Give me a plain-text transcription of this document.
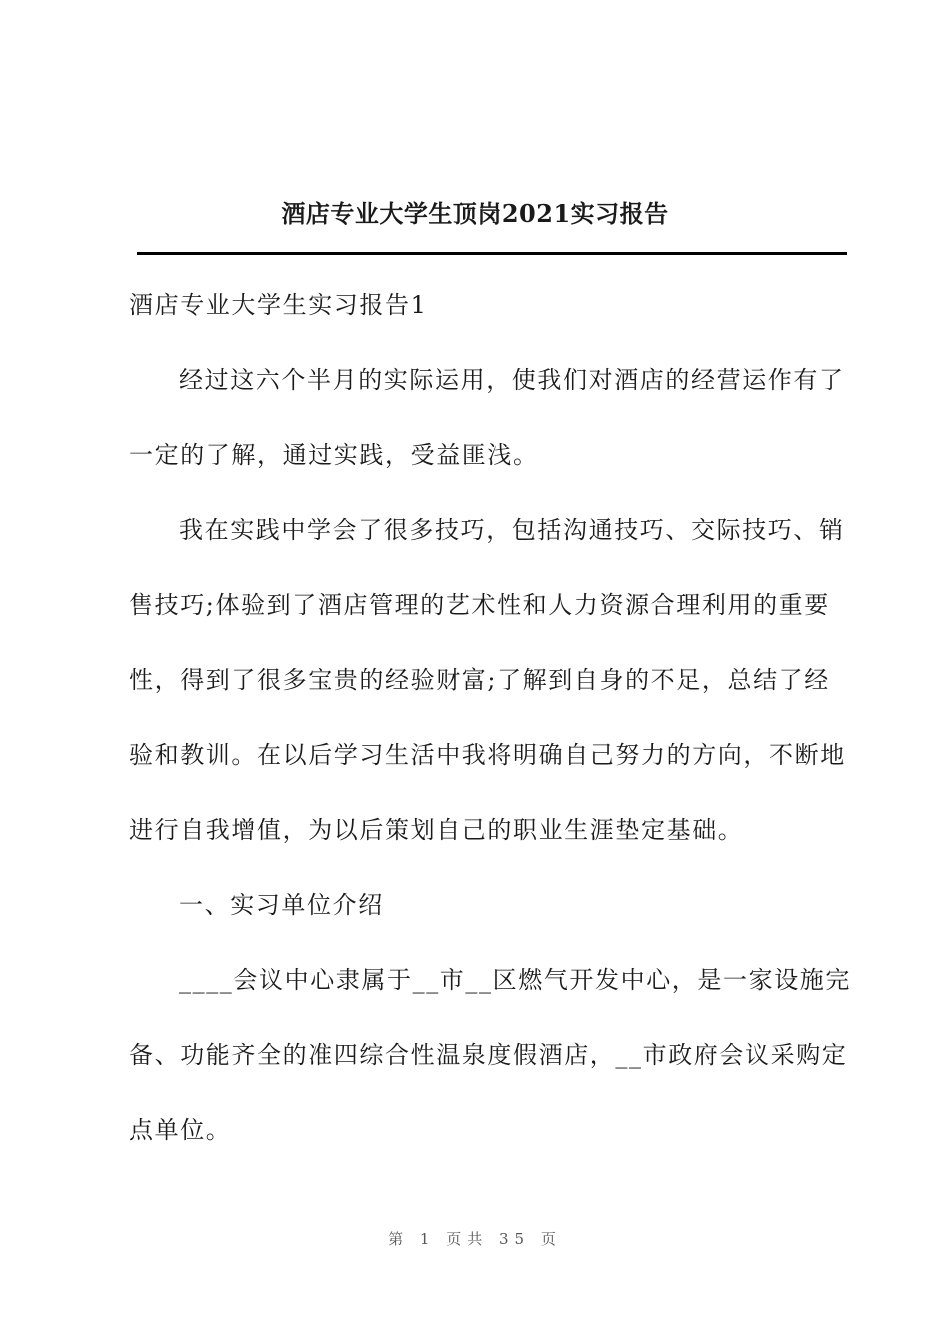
酒店专业大学生顶岗2021实习报告
酒店专业大学生实习报告1
经过这六个半月的实际运用，使我们对酒店的经营运作有了
一定的了解，通过实践，受益匪浅。
我在实践中学会了很多技巧，包括沟通技巧、交际技巧、销
售技巧;体验到了酒店管理的艺术性和人力资源合理利用的重要
性，得到了很多宝贵的经验财富;了解到自身的不足，总结了经
验和教训。在以后学习生活中我将明确自己努力的方向，不断地
进行自我增值，为以后策划自己的职业生涯垫定基础。
一、实习单位介绍
____会议中心隶属于__市__区燃气开发中心，是一家设施完
备、功能齐全的准四综合性温泉度假酒店，__市政府会议采购定
点单位。
第 1 页共 35 页
